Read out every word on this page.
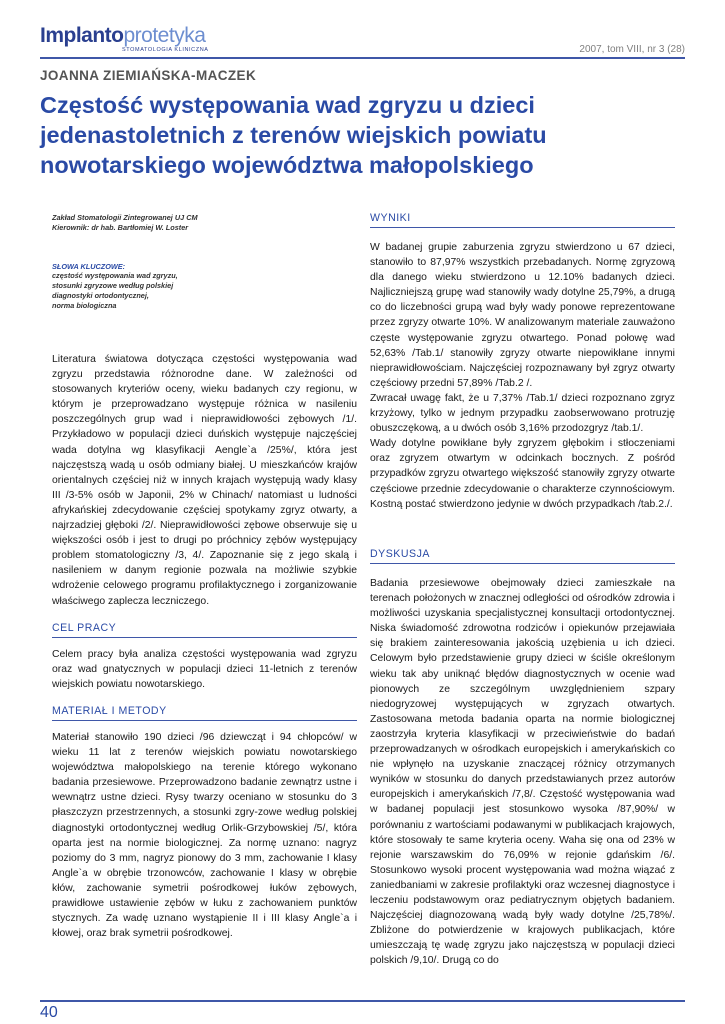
Implantoprotetyka
STOMATOLOGIA KLINICZNA	2007, tom VIII, nr 3 (28)
JOANNA ZIEMIAŃSKA-MACZEK
Częstość występowania wad zgryzu u dzieci jedenastoletnich z terenów wiejskich powiatu nowotarskiego województwa małopolskiego
Zakład Stomatologii Zintegrowanej UJ CM
Kierownik: dr hab. Bartłomiej W. Loster
SŁOWA KLUCZOWE:
częstość występowania wad zgryzu,
stosunki zgryzowe według polskiej
diagnostyki ortodontycznej,
norma biologiczna

Literatura światowa dotycząca częstości występowania wad zgryzu przedstawia różnorodne dane. W zależności od stosowanych kryteriów oceny, wieku badanych czy regionu, w którym je przeprowadzano występuje różnica w nasileniu poszczególnych grup wad i nieprawidłowości zębowych /1/. Przykładowo w populacji dzieci duńskich występuje najczęściej wada dotylna wg klasyfikacji Aengle`a /25%/, która jest najczęstszą wadą u osób odmiany białej. U mieszkańców krajów orientalnych częściej niż w innych krajach występują wady klasy III /3-5% osób w Japonii, 2% w Chinach/ natomiast u ludności afrykańskiej zdecydowanie częściej spotykamy zgryz otwarty, a najrzadziej głęboki /2/. Nieprawidłowości zębowe obserwuje się u większości osób i jest to drugi po próchnicy zębów występujący problem stomatologiczny /3, 4/. Zapoznanie się z jego skalą i nasileniem w danym regionie pozwala na możliwie szybkie wdrożenie celowego programu profilaktycznego i zorganizowanie właściwego zaplecza leczniczego.

CEL PRACY

Celem pracy była analiza częstości występowania wad zgryzu oraz wad gnatycznych w populacji dzieci 11-letnich z terenów wiejskich powiatu nowotarskiego.

MATERIAŁ I METODY

Materiał stanowiło 190 dzieci /96 dziewcząt i 94 chłopców/ w wieku 11 lat z terenów wiejskich powiatu nowotarskiego województwa małopolskiego na terenie którego wykonano badania przesiewowe. Przeprowadzono badanie zewnątrz ustne i wewnątrz ustne dzieci. Rysy twarzy oceniano w stosunku do 3 płaszczyzn przestrzennych, a stosunki zgry-zowe według polskiej diagnostyki ortodontycznej według Orlik-Grzybowskiej /5/, która oparta jest na normie biologicznej. Za normę uznano: nagryz poziomy do 3 mm, nagryz pionowy do 3 mm, zachowanie I klasy Angle`a w obrębie trzonowców, zachowanie I klasy w obrębie kłów, zachowanie symetrii pośrodkowej łuków zębowych, prawidłowe ustawienie zębów w łuku z zachowaniem punktów stycznych. Za wadę uznano wystąpienie II i III klasy Angle`a i kłowej, oraz brak symetrii pośrodkowej.

WYNIKI

W badanej grupie zaburzenia zgryzu stwierdzono u 67 dzieci, stanowiło to 87,97% wszystkich przebadanych. Normę zgryzową dla danego wieku stwierdzono u 12.10% badanych dzieci. Najliczniejszą grupę wad stanowiły wady dotylne 25,79%, a drugą co do liczebności grupą wad były wady ponowe reprezentowane przez zgryzy otwarte 10%. W analizowanym materiale zauważono częste występowanie zgryzu otwartego. Ponad połowę wad 52,63% /Tab.1/ stanowiły zgryzy otwarte niepowikłane innymi nieprawidłowościam. Najczęściej rozpoznawany był zgryz otwarty częściowy przedni 57,89% /Tab.2 /.

Zwracał uwagę fakt, że u 7,37% /Tab.1/ dzieci rozpoznano zgryz krzyżowy, tylko w jednym przypadku zaobserwowano protruzję obuszczękową, a u dwóch osób 3,16% przodozgryz /tab.1/.

Wady dotylne powikłane były zgryzem głębokim i stłoczeniami oraz zgryzem otwartym w odcinkach bocznych. Z pośród przypadków zgryzu otwartego większość stanowiły zgryzy otwarte częściowe przednie zdecydowanie o charakterze czynnościowym. Kostną postać stwierdzono jedynie w dwóch przypadkach /tab.2./.

DYSKUSJA

Badania przesiewowe obejmowały dzieci zamieszkałe na terenach położonych w znacznej odległości od ośrodków zdrowia i możliwości uzyskania specjalistycznej konsultacji ortodontycznej. Niska świadomość zdrowotna rodziców i opiekunów przejawiała się brakiem zainteresowania jakością uzębienia u ich dzieci. Celowym było przedstawienie grupy dzieci w ściśle określonym wieku tak aby uniknąć błędów diagnostycznych w ocenie wad pionowych ze szczególnym uwzględnieniem szpary niedogryzowej występujących w zgryzach otwartych. Zastosowana metoda badania oparta na normie biologicznej zaostrzyła kryteria klasyfikacji w przeciwieństwie do badań przeprowadzanych w ośrodkach europejskich i amerykańskich co nie wpłynęło na uzyskanie znaczącej różnicy otrzymanych wyników w stosunku do danych przedstawianych przez autorów europejskich i amerykańskich /7,8/. Częstość występowania wad w badanej populacji jest stosunkowo wysoka /87,90%/ w porównaniu z wartościami podawanymi w publikacjach krajowych, które stosowały te same kryteria oceny. Waha się ona od 23% w rejonie warszawskim do 76,09% w rejonie gdańskim /6/. Stosunkowo wysoki procent występowania wad można wiązać z zaniedbaniami w zakresie profilaktyki oraz wczesnej diagnostyce i leczeniu podstawowym oraz pediatrycznym objętych badaniem. Najczęściej diagnozowaną wadą były wady dotylne /25,78%/. Zbliżone do potwierdzenie w krajowych publikacjach, które umieszczają tę wadę zgryzu jako najczęstszą w populacji dzieci polskich /9,10/. Drugą co do

40
